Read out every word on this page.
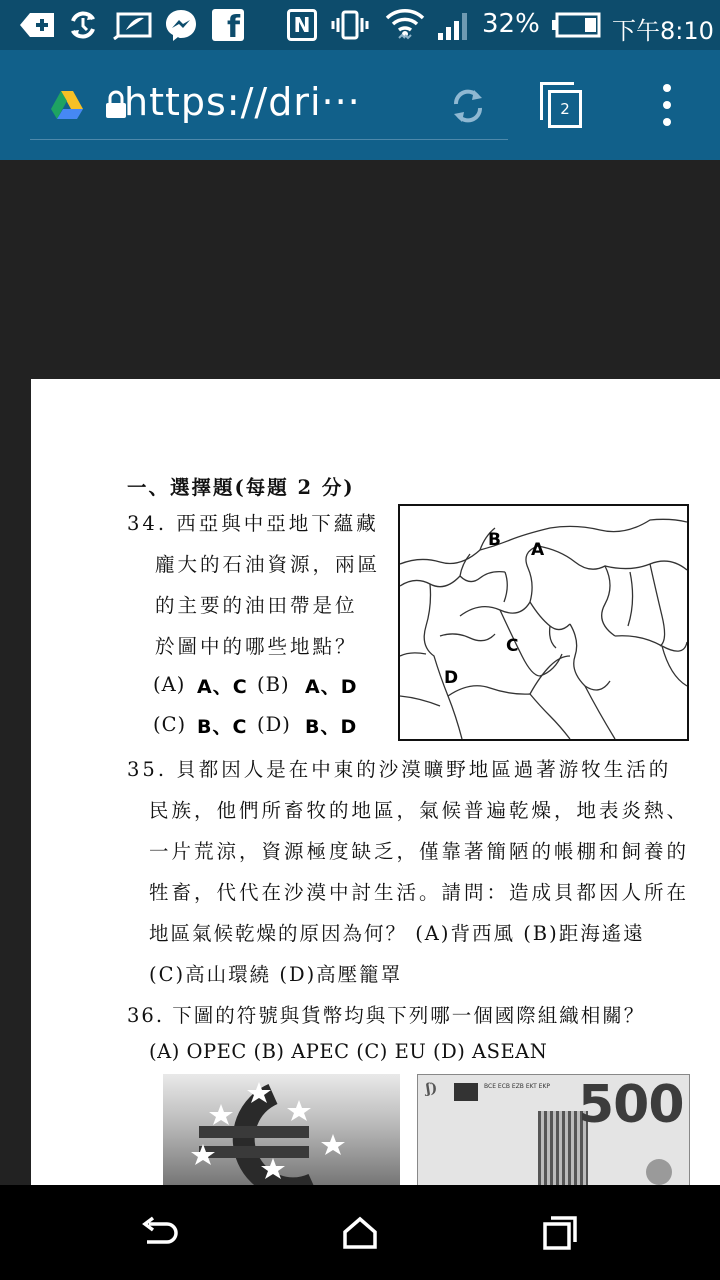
f	N	32%	下午8:10
https://dri···	2
一、選擇題(每題 2 分)
34. 西亞與中亞地下蘊藏
龐大的石油資源，兩區
的主要的油田帶是位
於圖中的哪些地點？
(A) A、C (B) A、D
(C) B、C (D) B、D
B A
C
D
35. 貝都因人是在中東的沙漠曠野地區過著游牧生活的
民族，他們所畜牧的地區，氣候普遍乾燥，地表炎熱、
一片荒涼，資源極度缺乏，僅靠著簡陋的帳棚和飼養的
牲畜，代代在沙漠中討生活。請問：造成貝都因人所在
地區氣候乾燥的原因為何？ (A)背西風 (B)距海遙遠
(C)高山環繞 (D)高壓籠罩
36. 下圖的符號與貨幣均與下列哪一個國際組織相關？
(A) OPEC (B) APEC (C) EU (D) ASEAN
BCE ECB EZB EKT EKP
ʃ)	500
